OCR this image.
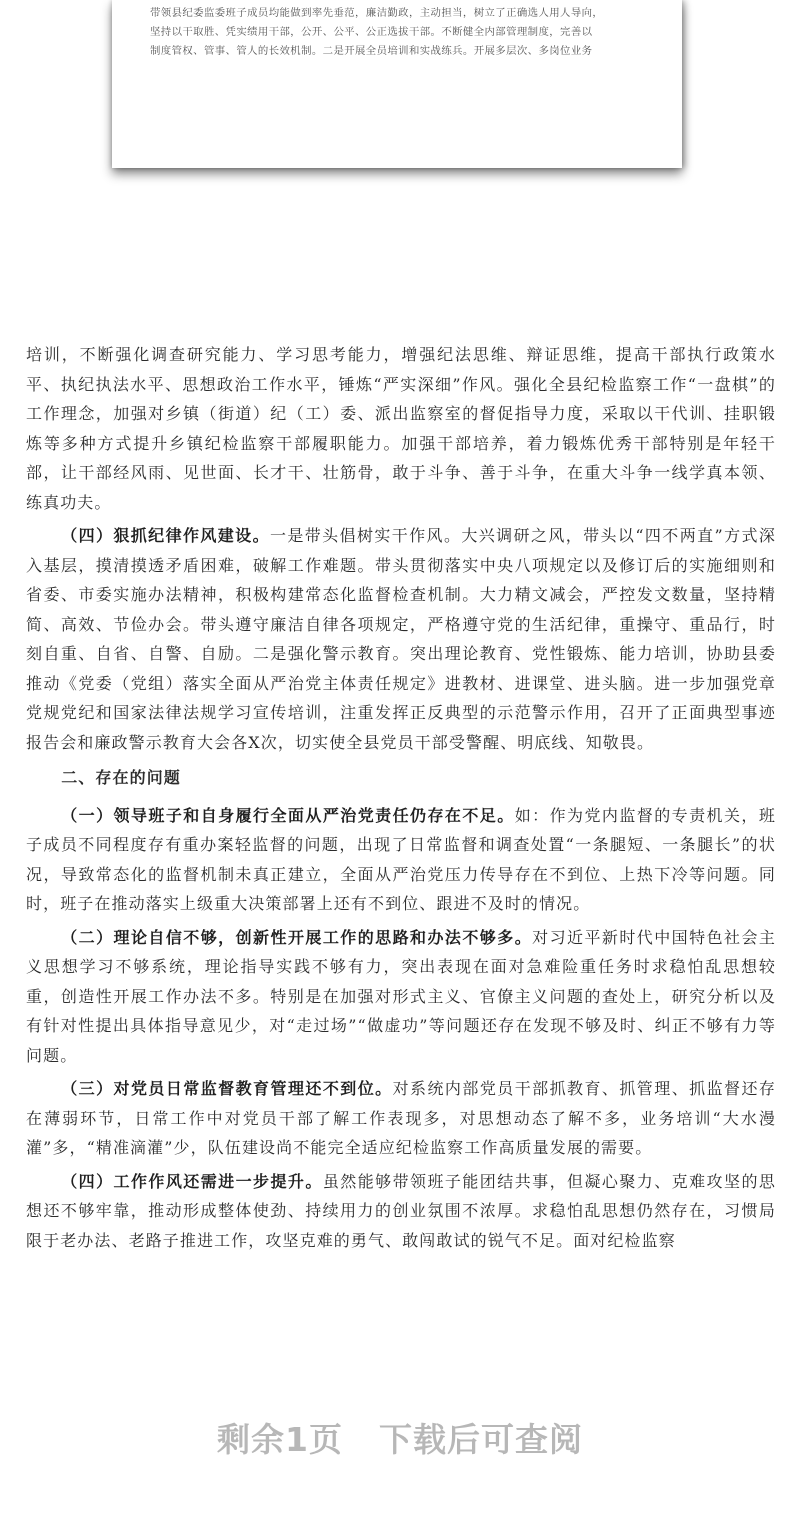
带领县纪委监委班子成员均能做到率先垂范，廉洁勤政，主动担当，树立了正确选人用人导向，

坚持以干取胜、凭实绩用干部，公开、公平、公正选拔干部。不断健全内部管理制度，完善以

制度管权、管事、管人的长效机制。二是开展全员培训和实战练兵。开展多层次、多岗位业务

培训，不断强化调查研究能力、学习思考能力，增强纪法思维、辩证思维，提高干部执行政策水平、执纪执法水平、思想政治工作水平，锤炼“严实深细”作风。强化全县纪检监察工作“一盘棋”的工作理念，加强对乡镇（街道）纪（工）委、派出监察室的督促指导力度，采取以干代训、挂职锻炼等多种方式提升乡镇纪检监察干部履职能力。加强干部培养，着力锻炼优秀干部特别是年轻干部，让干部经风雨、见世面、长才干、壮筋骨，敢于斗争、善于斗争，在重大斗争一线学真本领、练真功夫。

（四）狠抓纪律作风建设。一是带头倡树实干作风。大兴调研之风，带头以“四不两直”方式深入基层，摸清摸透矛盾困难，破解工作难题。带头贯彻落实中央八项规定以及修订后的实施细则和省委、市委实施办法精神，积极构建常态化监督检查机制。大力精文减会，严控发文数量，坚持精简、高效、节俭办会。带头遵守廉洁自律各项规定，严格遵守党的生活纪律，重操守、重品行，时刻自重、自省、自警、自励。二是强化警示教育。突出理论教育、党性锻炼、能力培训，协助县委推动《党委（党组）落实全面从严治党主体责任规定》进教材、进课堂、进头脑。进一步加强党章党规党纪和国家法律法规学习宣传培训，注重发挥正反典型的示范警示作用，召开了正面典型事迹报告会和廉政警示教育大会各X次，切实使全县党员干部受警醒、明底线、知敬畏。

二、存在的问题

（一）领导班子和自身履行全面从严治党责任仍存在不足。如：作为党内监督的专责机关，班子成员不同程度存有重办案轻监督的问题，出现了日常监督和调查处置“一条腿短、一条腿长”的状况，导致常态化的监督机制未真正建立，全面从严治党压力传导存在不到位、上热下冷等问题。同时，班子在推动落实上级重大决策部署上还有不到位、跟进不及时的情况。

（二）理论自信不够，创新性开展工作的思路和办法不够多。对习近平新时代中国特色社会主义思想学习不够系统，理论指导实践不够有力，突出表现在面对急难险重任务时求稳怕乱思想较重，创造性开展工作办法不多。特别是在加强对形式主义、官僚主义问题的查处上，研究分析以及有针对性提出具体指导意见少，对“走过场”“做虚功”等问题还存在发现不够及时、纠正不够有力等问题。

（三）对党员日常监督教育管理还不到位。对系统内部党员干部抓教育、抓管理、抓监督还存在薄弱环节，日常工作中对党员干部了解工作表现多，对思想动态了解不多，业务培训“大水漫灌”多，“精准滴灌”少，队伍建设尚不能完全适应纪检监察工作高质量发展的需要。

（四）工作作风还需进一步提升。虽然能够带领班子能团结共事，但凝心聚力、克难攻坚的思想还不够牢靠，推动形成整体使劲、持续用力的创业氛围不浓厚。求稳怕乱思想仍然存在，习惯局限于老办法、老路子推进工作，攻坚克难的勇气、敢闯敢试的锐气不足。面对纪检监察

剩余1页 下载后可查阅
